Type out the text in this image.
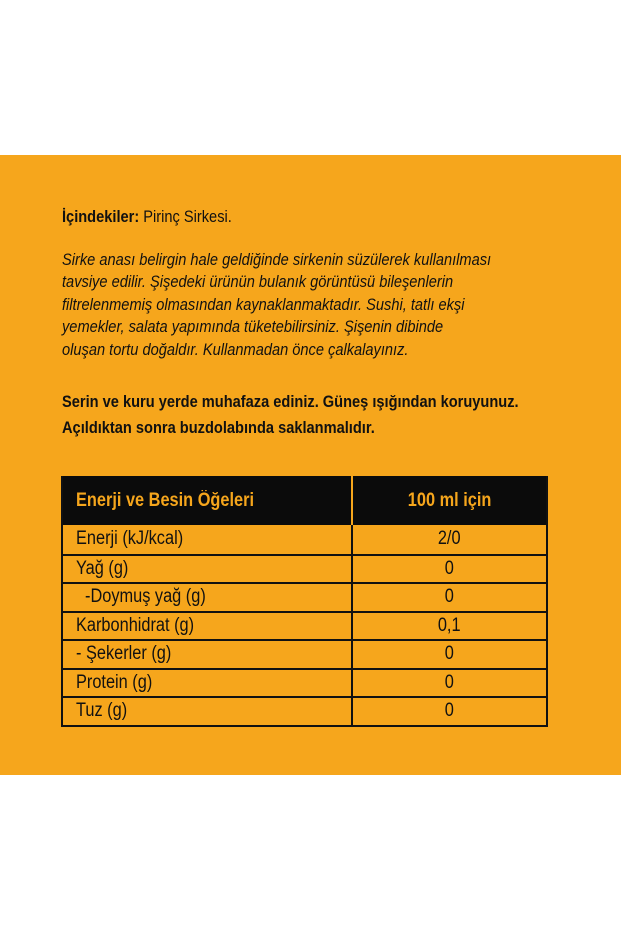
İçindekiler: Pirinç Sirkesi.
Sirke anası belirgin hale geldiğinde sirkenin süzülerek kullanılması
tavsiye edilir. Şişedeki ürünün bulanık görüntüsü bileşenlerin
filtrelenmemiş olmasından kaynaklanmaktadır. Sushi, tatlı ekşi
yemekler, salata yapımında tüketebilirsiniz. Şişenin dibinde
oluşan tortu doğaldır. Kullanmadan önce çalkalayınız.
Serin ve kuru yerde muhafaza ediniz. Güneş ışığından koruyunuz.
Açıldıktan sonra buzdolabında saklanmalıdır.
Enerji ve Besin Öğeleri	100 ml için
Enerji (kJ/kcal)	2/0
Yağ (g)	0
-Doymuş yağ (g)	0
Karbonhidrat (g)	0,1
- Şekerler (g)	0
Protein (g)	0
Tuz (g)	0
